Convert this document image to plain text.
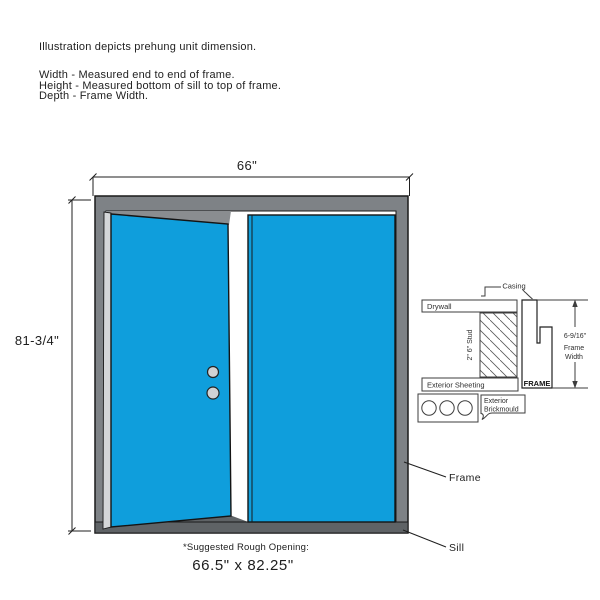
Illustration depicts prehung unit dimension.
Width - Measured end to end of frame.
Height - Measured bottom of sill to top of frame.
Depth - Frame Width.
66"
81-3/4"
Frame
Sill
Casing
Drywall
2" 6" Stud
Exterior Sheeting	FRAME
Exterior
Brickmould
6-9/16"
Frame
Width
*Suggested Rough Opening:
66.5" x 82.25"
